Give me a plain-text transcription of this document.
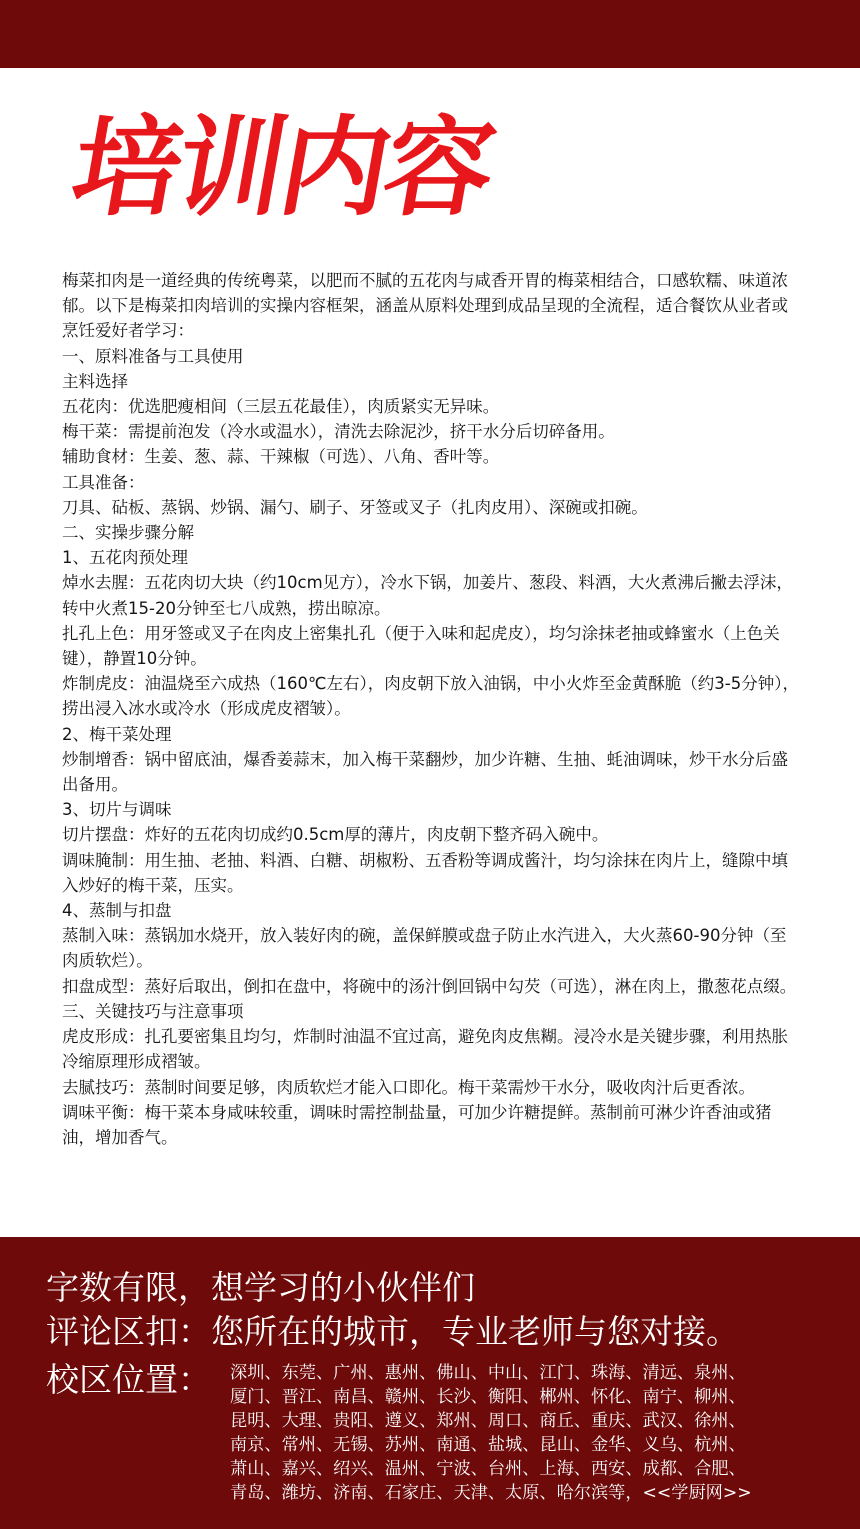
培训内容

梅菜扣肉是一道经典的传统粤菜，以肥而不腻的五花肉与咸香开胃的梅菜相结合，口感软糯、味道浓郁。以下是梅菜扣肉培训的实操内容框架，涵盖从原料处理到成品呈现的全流程，适合餐饮从业者或烹饪爱好者学习：

一、原料准备与工具使用

主料选择

五花肉：优选肥瘦相间（三层五花最佳），肉质紧实无异味。

梅干菜：需提前泡发（冷水或温水），清洗去除泥沙，挤干水分后切碎备用。

辅助食材：生姜、葱、蒜、干辣椒（可选）、八角、香叶等。

工具准备：

刀具、砧板、蒸锅、炒锅、漏勺、刷子、牙签或叉子（扎肉皮用）、深碗或扣碗。

二、实操步骤分解

1、五花肉预处理

焯水去腥：五花肉切大块（约10cm见方），冷水下锅，加姜片、葱段、料酒，大火煮沸后撇去浮沫，转中火煮15-20分钟至七八成熟，捞出晾凉。

扎孔上色：用牙签或叉子在肉皮上密集扎孔（便于入味和起虎皮），均匀涂抹老抽或蜂蜜水（上色关键），静置10分钟。

炸制虎皮：油温烧至六成热（160℃左右），肉皮朝下放入油锅，中小火炸至金黄酥脆（约3-5分钟），捞出浸入冰水或冷水（形成虎皮褶皱）。

2、梅干菜处理

炒制增香：锅中留底油，爆香姜蒜末，加入梅干菜翻炒，加少许糖、生抽、蚝油调味，炒干水分后盛出备用。

3、切片与调味

切片摆盘：炸好的五花肉切成约0.5cm厚的薄片，肉皮朝下整齐码入碗中。

调味腌制：用生抽、老抽、料酒、白糖、胡椒粉、五香粉等调成酱汁，均匀涂抹在肉片上，缝隙中填入炒好的梅干菜，压实。

4、蒸制与扣盘

蒸制入味：蒸锅加水烧开，放入装好肉的碗，盖保鲜膜或盘子防止水汽进入，大火蒸60-90分钟（至肉质软烂）。

扣盘成型：蒸好后取出，倒扣在盘中，将碗中的汤汁倒回锅中勾芡（可选），淋在肉上，撒葱花点缀。

三、关键技巧与注意事项

虎皮形成：扎孔要密集且均匀，炸制时油温不宜过高，避免肉皮焦糊。浸冷水是关键步骤，利用热胀冷缩原理形成褶皱。

去腻技巧：蒸制时间要足够，肉质软烂才能入口即化。梅干菜需炒干水分，吸收肉汁后更香浓。

调味平衡：梅干菜本身咸味较重，调味时需控制盐量，可加少许糖提鲜。蒸制前可淋少许香油或猪油，增加香气。

字数有限，想学习的小伙伴们
评论区扣：您所在的城市，专业老师与您对接。
校区位置： 深圳、东莞、广州、惠州、佛山、中山、江门、珠海、清远、泉州、
厦门、晋江、南昌、赣州、长沙、衡阳、郴州、怀化、南宁、柳州、
昆明、大理、贵阳、遵义、郑州、周口、商丘、重庆、武汉、徐州、
南京、常州、无锡、苏州、南通、盐城、昆山、金华、义乌、杭州、
萧山、嘉兴、绍兴、温州、宁波、台州、上海、西安、成都、合肥、
青岛、潍坊、济南、石家庄、天津、太原、哈尔滨等，<<学厨网>>
